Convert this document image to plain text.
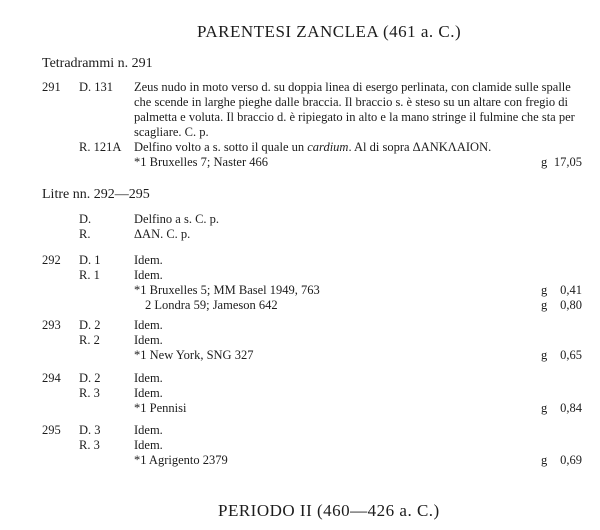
PARENTESI ZANCLEA (461 a. C.)
Tetradrammi n. 291
291 D. 131 Zeus nudo in moto verso d. su doppia linea di esergo perlinata, con clamide sulle spalle che scende in larghe pieghe dalle braccia. Il braccio s. è steso su un altare con fregio di palmetta e voluta. Il braccio d. è ripiegato in alto e la mano stringe il fulmine che sta per scagliare. C. p.
R. 121A Delfino volto a s. sotto il quale un cardium. Al di sopra ΔANKΛAION.
*1 Bruxelles 7; Naster 466	g 17,05
Litre nn. 292—295
D.	Delfino a s. C. p.
R.	ΔAN. C. p.
292 D. 1	Idem.
R. 1	Idem.
*1 Bruxelles 5; MM Basel 1949, 763	g	0,41
2 Londra 59; Jameson 642	g	0,80
293 D. 2	Idem.
R. 2	Idem.
*1 New York, SNG 327	g	0,65
294 D. 2	Idem.
R. 3	Idem.
*1 Pennisi	g	0,84
295 D. 3	Idem.
R. 3	Idem.
*1 Agrigento 2379	g	0,69
PERIODO II (460—426 a. C.)
